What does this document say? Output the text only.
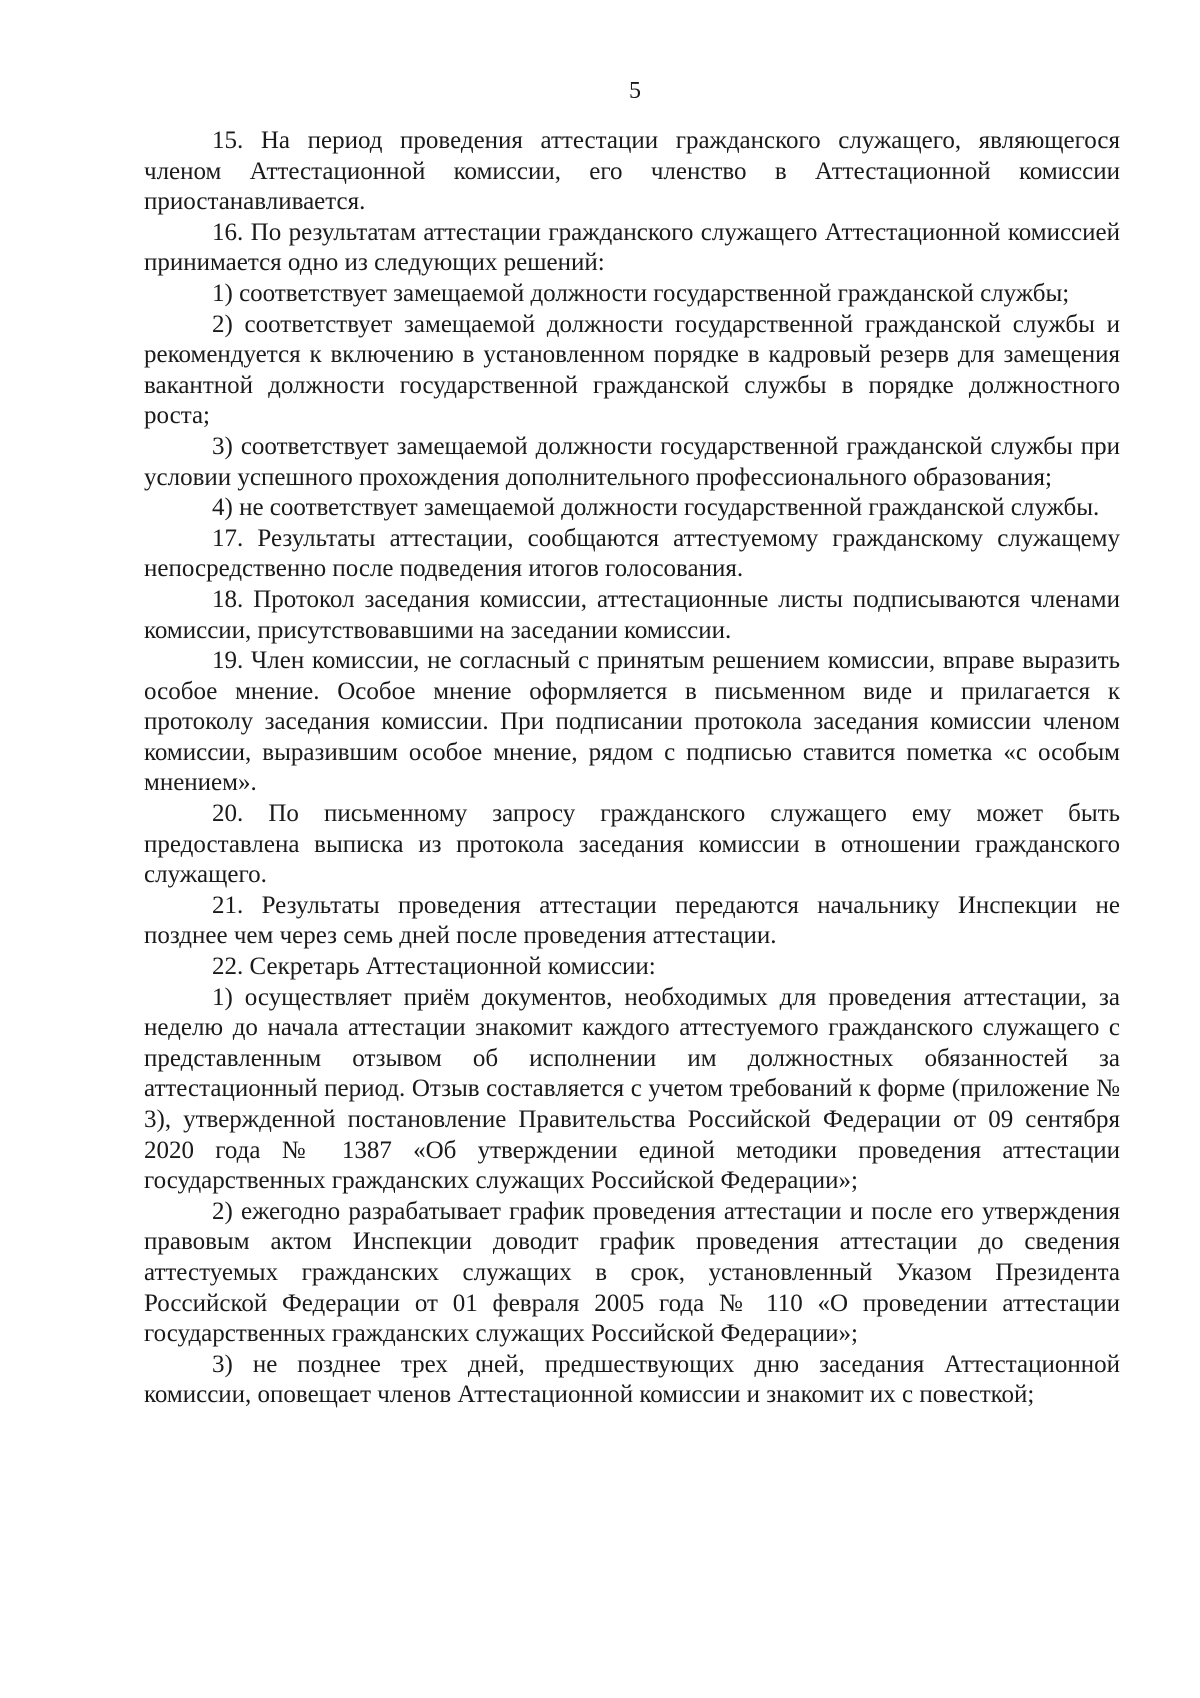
5

15. На период проведения аттестации гражданского служащего, являющегося членом Аттестационной комиссии, его членство в Аттестационной комиссии приостанавливается.

16. По результатам аттестации гражданского служащего Аттестационной комиссией принимается одно из следующих решений:

1) соответствует замещаемой должности государственной гражданской службы;

2) соответствует замещаемой должности государственной гражданской службы и рекомендуется к включению в установленном порядке в кадровый резерв для замещения вакантной должности государственной гражданской службы в порядке должностного роста;

3) соответствует замещаемой должности государственной гражданской службы при условии успешного прохождения дополнительного профессионального образования;

4) не соответствует замещаемой должности государственной гражданской службы.

17. Результаты аттестации, сообщаются аттестуемому гражданскому служащему непосредственно после подведения итогов голосования.

18. Протокол заседания комиссии, аттестационные листы подписываются членами комиссии, присутствовавшими на заседании комиссии.

19. Член комиссии, не согласный с принятым решением комиссии, вправе выразить особое мнение. Особое мнение оформляется в письменном виде и прилагается к протоколу заседания комиссии. При подписании протокола заседания комиссии членом комиссии, выразившим особое мнение, рядом с подписью ставится пометка «с особым мнением».

20. По письменному запросу гражданского служащего ему может быть предоставлена выписка из протокола заседания комиссии в отношении гражданского служащего.

21. Результаты проведения аттестации передаются начальнику Инспекции не позднее чем через семь дней после проведения аттестации.

22. Секретарь Аттестационной комиссии:

1) осуществляет приём документов, необходимых для проведения аттестации, за неделю до начала аттестации знакомит каждого аттестуемого гражданского служащего с представленным отзывом об исполнении им должностных обязанностей за аттестационный период. Отзыв составляется с учетом требований к форме (приложение № 3), утвержденной постановление Правительства Российской Федерации от 09 сентября 2020 года № 1387 «Об утверждении единой методики проведения аттестации государственных гражданских служащих Российской Федерации»;

2) ежегодно разрабатывает график проведения аттестации и после его утверждения правовым актом Инспекции доводит график проведения аттестации до сведения аттестуемых гражданских служащих в срок, установленный Указом Президента Российской Федерации от 01 февраля 2005 года № 110 «О проведении аттестации государственных гражданских служащих Российской Федерации»;

3) не позднее трех дней, предшествующих дню заседания Аттестационной комиссии, оповещает членов Аттестационной комиссии и знакомит их с повесткой;
